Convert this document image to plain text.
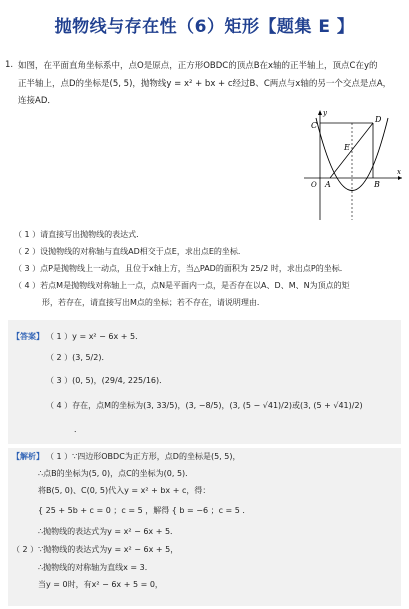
抛物线与存在性（6）矩形【题集 E 】
1. 如图，在平面直角坐标系中，点O是原点，正方形OBDC的顶点B在x轴的正半轴上，顶点C在y的
正半轴上，点D的坐标是(5, 5)，抛物线y = x² + bx + c经过B、C两点与x轴的另一个交点是点A，
连接AD．
C
D
E
O A	B
y
x
（ 1 ）请直接写出抛物线的表达式．
（ 2 ）设抛物线的对称轴与直线AD相交于点E，求出点E的坐标．
（ 3 ）点P是抛物线上一动点，且位于x轴上方，当△PAD的面积为 25/2 时，求出点P的坐标．
（ 4 ）若点M是抛物线对称轴上一点，点N是平面内一点，是否存在以A、D、M、N为顶点的矩
形，若存在，请直接写出M点的坐标；若不存在，请说明理由．
【答案】 （ 1 ）y = x² − 6x + 5．
（ 2 ）(3, 5/2)．
（ 3 ）(0, 5)，(29/4, 225/16)．
（ 4 ）存在，点M的坐标为(3, 33/5)，(3, −8/5)，(3, (5 − √41)/2)或(3, (5 + √41)/2)
．
【解析】 （ 1 ）∵四边形OBDC为正方形，点D的坐标是(5, 5)，
∴点B的坐标为(5, 0)，点C的坐标为(0, 5)．
将B(5, 0)、C(0, 5)代入y = x² + bx + c，得：
{ 25 + 5b + c = 0 ；c = 5 ，解得 { b = −6 ；c = 5 ．
∴抛物线的表达式为y = x² − 6x + 5．
（ 2 ）∵抛物线的表达式为y = x² − 6x + 5，
∴抛物线的对称轴为直线x = 3．
当y = 0时，有x² − 6x + 5 = 0，
